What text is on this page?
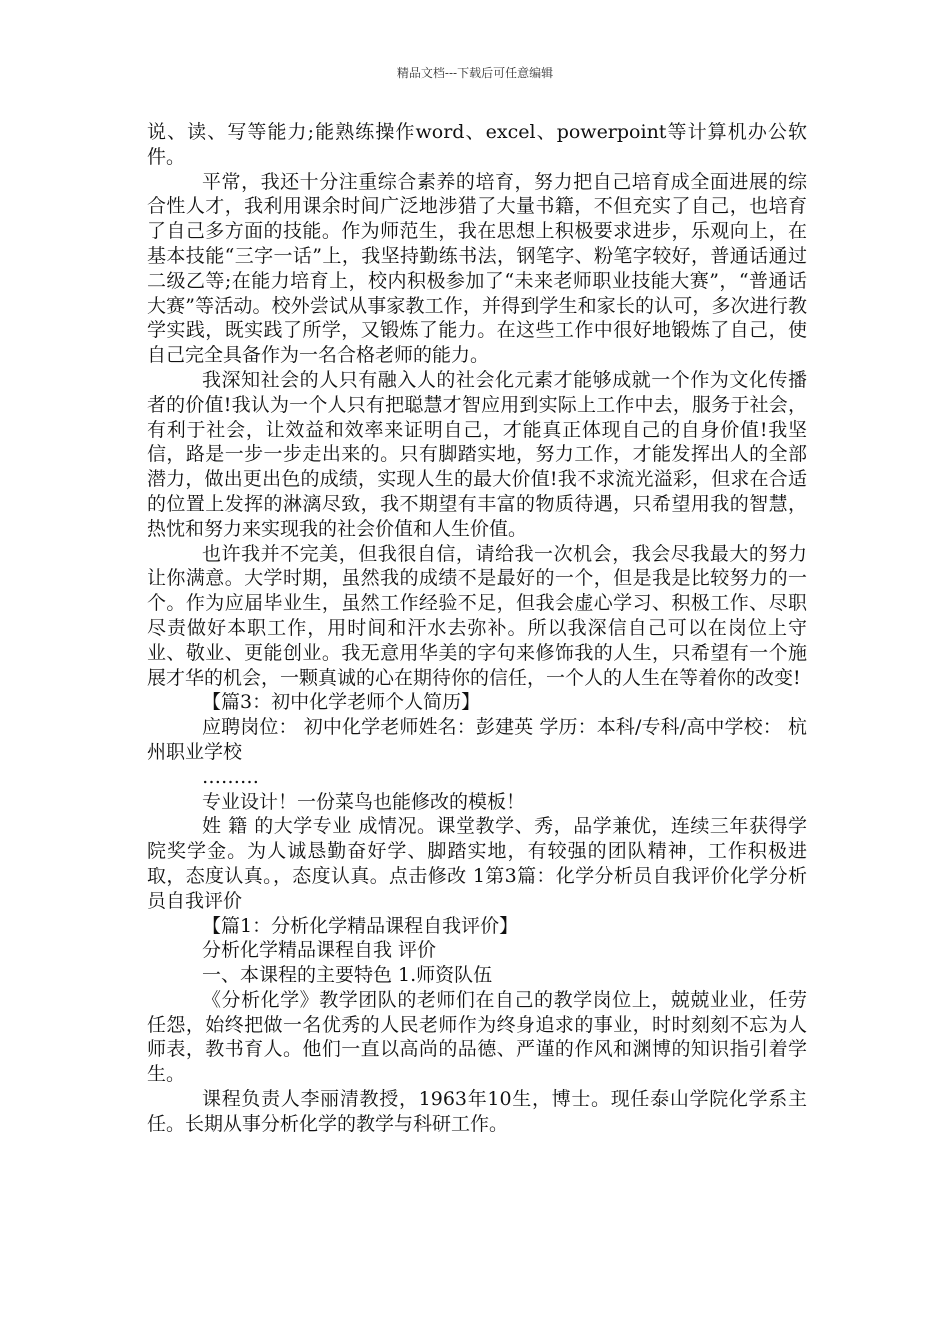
精品文档---下载后可任意编辑

说、读、写等能力;能熟练操作word、excel、powerpoint等计算机办公软件。

平常，我还十分注重综合素养的培育，努力把自己培育成全面进展的综合性人才，我利用课余时间广泛地涉猎了大量书籍，不但充实了自己，也培育了自己多方面的技能。作为师范生，我在思想上积极要求进步，乐观向上，在基本技能“三字一话”上，我坚持勤练书法，钢笔字、粉笔字较好，普通话通过二级乙等;在能力培育上，校内积极参加了“未来老师职业技能大赛”，“普通话大赛”等活动。校外尝试从事家教工作，并得到学生和家长的认可，多次进行教学实践，既实践了所学，又锻炼了能力。在这些工作中很好地锻炼了自己，使自己完全具备作为一名合格老师的能力。

我深知社会的人只有融入人的社会化元素才能够成就一个作为文化传播者的价值!我认为一个人只有把聪慧才智应用到实际上工作中去，服务于社会，有利于社会，让效益和效率来证明自己，才能真正体现自己的自身价值!我坚信，路是一步一步走出来的。只有脚踏实地，努力工作，才能发挥出人的全部潜力，做出更出色的成绩，实现人生的最大价值!我不求流光溢彩，但求在合适的位置上发挥的淋漓尽致，我不期望有丰富的物质待遇，只希望用我的智慧，热忱和努力来实现我的社会价值和人生价值。

也许我并不完美，但我很自信，请给我一次机会，我会尽我最大的努力让你满意。大学时期，虽然我的成绩不是最好的一个，但是我是比较努力的一个。作为应届毕业生，虽然工作经验不足，但我会虚心学习、积极工作、尽职尽责做好本职工作，用时间和汗水去弥补。所以我深信自己可以在岗位上守业、敬业、更能创业。我无意用华美的字句来修饰我的人生，只希望有一个施展才华的机会，一颗真诚的心在期待你的信任，一个人的人生在等着你的改变!

【篇3：初中化学老师个人简历】

应聘岗位： 初中化学老师姓名：彭建英 学历：本科/专科/高中学校： 杭州职业学校

………

专业设计！一份菜鸟也能修改的模板！

姓 籍 的大学专业 成情况。课堂教学、秀，品学兼优，连续三年获得学院奖学金。为人诚恳勤奋好学、脚踏实地，有较强的团队精神，工作积极进取，态度认真。，态度认真。点击修改 1第3篇：化学分析员自我评价化学分析员自我评价

【篇1：分析化学精品课程自我评价】

分析化学精品课程自我 评价

一、本课程的主要特色 1.师资队伍

《分析化学》教学团队的老师们在自己的教学岗位上，兢兢业业，任劳任怨，始终把做一名优秀的人民老师作为终身追求的事业，时时刻刻不忘为人师表，教书育人。他们一直以高尚的品德、严谨的作风和渊博的知识指引着学生。

课程负责人李丽清教授，1963年10生，博士。现任泰山学院化学系主任。长期从事分析化学的教学与科研工作。
